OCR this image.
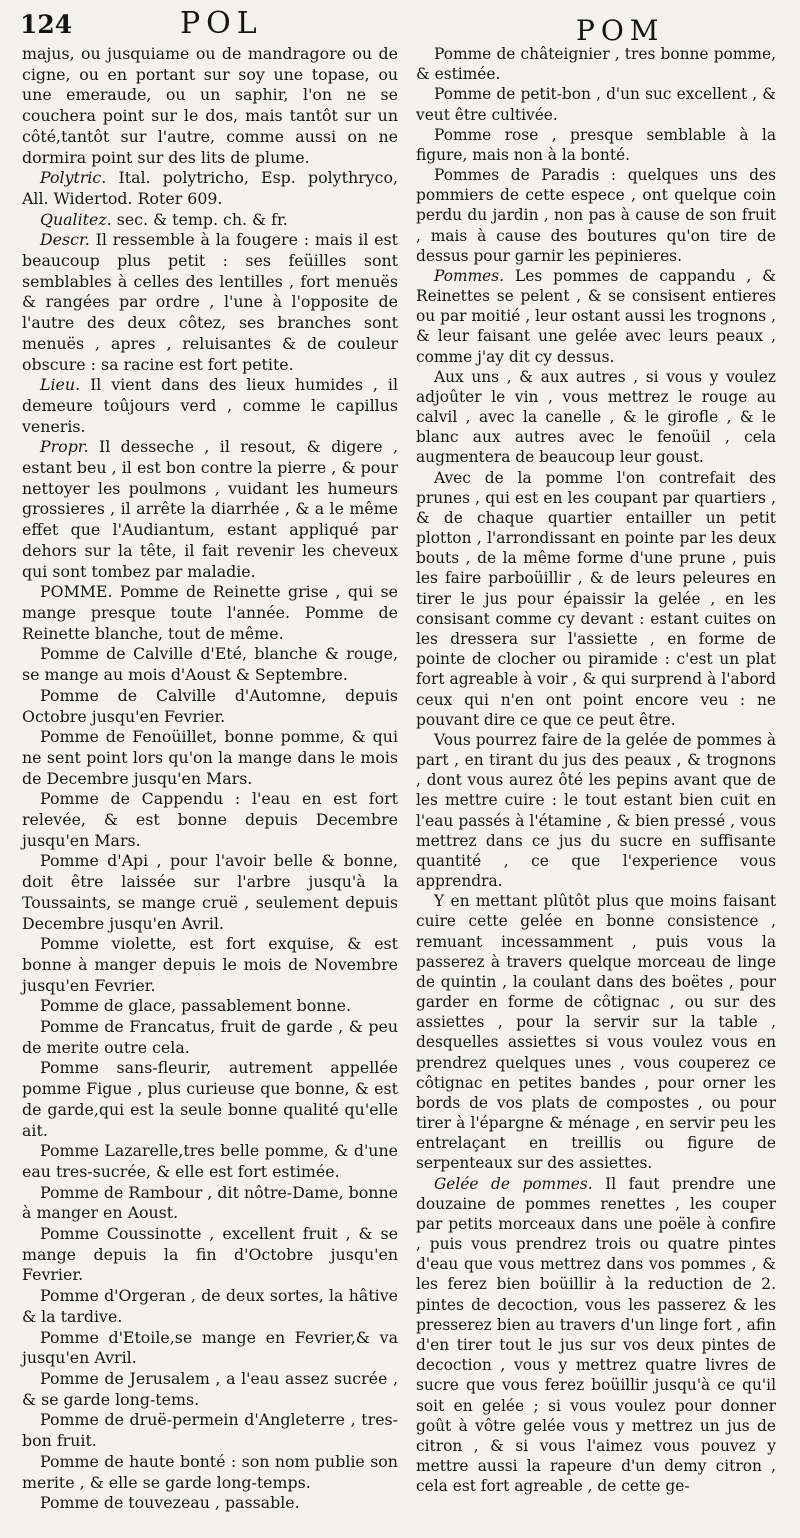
124	POL	POM

majus, ou jusquiame ou de mandragore ou de cigne, ou en portant sur soy une topase, ou une emeraude, ou un saphir, l'on ne se couchera point sur le dos, mais tantôt sur un côté,tantôt sur l'autre, comme aussi on ne dormira point sur des lits de plume.

Polytric. Ital. polytricho, Esp. polythryco, All. Widertod. Roter 609.

Qualitez. sec. & temp. ch. & fr.

Descr. Il ressemble à la fougere : mais il est beaucoup plus petit : ses feüilles sont semblables à celles des lentilles , fort menuës & rangées par ordre , l'une à l'opposite de l'autre des deux côtez, ses branches sont menuës , apres , reluisantes & de couleur obscure : sa racine est fort petite.

Lieu. Il vient dans des lieux humides , il demeure toûjours verd , comme le capillus veneris.

Propr. Il desseche , il resout, & digere , estant beu , il est bon contre la pierre , & pour nettoyer les poulmons , vuidant les humeurs grossieres , il arrête la diarrhée , & a le même effet que l'Audiantum, estant appliqué par dehors sur la tête, il fait revenir les cheveux qui sont tombez par maladie.

POMME. Pomme de Reinette grise , qui se mange presque toute l'année. Pomme de Reinette blanche, tout de même.

Pomme de Calville d'Eté, blanche & rouge, se mange au mois d'Aoust & Septembre.

Pomme de Calville d'Automne, depuis Octobre jusqu'en Fevrier.

Pomme de Fenoüillet, bonne pomme, & qui ne sent point lors qu'on la mange dans le mois de Decembre jusqu'en Mars.

Pomme de Cappendu : l'eau en est fort relevée, & est bonne depuis Decembre jusqu'en Mars.

Pomme d'Api , pour l'avoir belle & bonne, doit être laissée sur l'arbre jusqu'à la Toussaints, se mange cruë , seulement depuis Decembre jusqu'en Avril.

Pomme violette, est fort exquise, & est bonne à manger depuis le mois de Novembre jusqu'en Fevrier.

Pomme de glace, passablement bonne.

Pomme de Francatus, fruit de garde , & peu de merite outre cela.

Pomme sans-fleurir, autrement appellée pomme Figue , plus curieuse que bonne, & est de garde,qui est la seule bonne qualité qu'elle ait.

Pomme Lazarelle,tres belle pomme, & d'une eau tres-sucrée, & elle est fort estimée.

Pomme de Rambour , dit nôtre-Dame, bonne à manger en Aoust.

Pomme Coussinotte , excellent fruit , & se mange depuis la fin d'Octobre jusqu'en Fevrier.

Pomme d'Orgeran , de deux sortes, la hâtive & la tardive.

Pomme d'Etoile,se mange en Fevrier,& va jusqu'en Avril.

Pomme de Jerusalem , a l'eau assez sucrée , & se garde long-tems.

Pomme de druë-permein d'Angleterre , tres-bon fruit.

Pomme de haute bonté : son nom publie son merite , & elle se garde long-temps.

Pomme de touvezeau , passable.

Pomme de châteignier , tres bonne pomme, & estimée.

Pomme de petit-bon , d'un suc excellent , & veut être cultivée.

Pomme rose , presque semblable à la figure, mais non à la bonté.

Pommes de Paradis : quelques uns des pommiers de cette espece , ont quelque coin perdu du jardin , non pas à cause de son fruit , mais à cause des boutures qu'on tire de dessus pour garnir les pepinieres.

Pommes. Les pommes de cappandu , & Reinettes se pelent , & se consisent entieres ou par moitié , leur ostant aussi les trognons , & leur faisant une gelée avec leurs peaux , comme j'ay dit cy dessus.

Aux uns , & aux autres , si vous y voulez adjoûter le vin , vous mettrez le rouge au calvil , avec la canelle , & le girofle , & le blanc aux autres avec le fenoüil , cela augmentera de beaucoup leur goust.

Avec de la pomme l'on contrefait des prunes , qui est en les coupant par quartiers , & de chaque quartier entailler un petit plotton , l'arrondissant en pointe par les deux bouts , de la même forme d'une prune , puis les faire parboüillir , & de leurs peleures en tirer le jus pour épaissir la gelée , en les consisant comme cy devant : estant cuites on les dressera sur l'assiette , en forme de pointe de clocher ou piramide : c'est un plat fort agreable à voir , & qui surprend à l'abord ceux qui n'en ont point encore veu : ne pouvant dire ce que ce peut être.

Vous pourrez faire de la gelée de pommes à part , en tirant du jus des peaux , & trognons , dont vous aurez ôté les pepins avant que de les mettre cuire : le tout estant bien cuit en l'eau passés à l'étamine , & bien pressé , vous mettrez dans ce jus du sucre en suffisante quantité , ce que l'experience vous apprendra.

Y en mettant plûtôt plus que moins faisant cuire cette gelée en bonne consistence , remuant incessamment , puis vous la passerez à travers quelque morceau de linge de quintin , la coulant dans des boëtes , pour garder en forme de côtignac , ou sur des assiettes , pour la servir sur la table , desquelles assiettes si vous voulez vous en prendrez quelques unes , vous couperez ce côtignac en petites bandes , pour orner les bords de vos plats de compostes , ou pour tirer à l'épargne & ménage , en servir peu les entrelaçant en treillis ou figure de serpenteaux sur des assiettes.

Gelée de pommes. Il faut prendre une douzaine de pommes renettes , les couper par petits morceaux dans une poële à confire , puis vous prendrez trois ou quatre pintes d'eau que vous mettrez dans vos pommes , & les ferez bien boüillir à la reduction de 2. pintes de decoction, vous les passerez & les presserez bien au travers d'un linge fort , afin d'en tirer tout le jus sur vos deux pintes de decoction , vous y mettrez quatre livres de sucre que vous ferez boüillir jusqu'à ce qu'il soit en gelée ; si vous voulez pour donner goût à vôtre gelée vous y mettrez un jus de citron , & si vous l'aimez vous pouvez y mettre aussi la rapeure d'un demy citron , cela est fort agreable , de cette ge-
